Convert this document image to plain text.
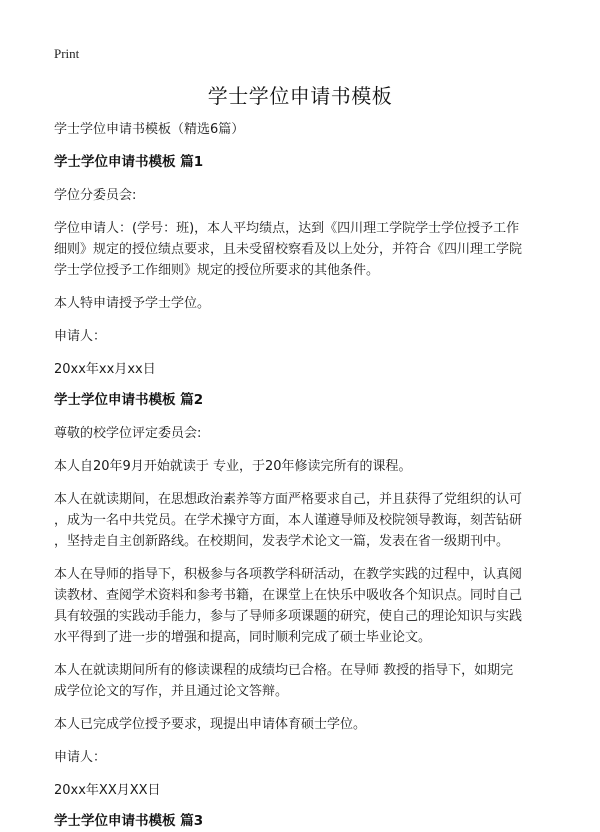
Print
学士学位申请书模板

学士学位申请书模板（精选6篇）

学士学位申请书模板 篇1

学位分委员会:

学位申请人：(学号：班)，本人平均绩点，达到《四川理工学院学士学位授予工作

细则》规定的授位绩点要求，且未受留校察看及以上处分，并符合《四川理工学院

学士学位授予工作细则》规定的授位所要求的其他条件。

本人特申请授予学士学位。

申请人：

20xx年xx月xx日

学士学位申请书模板 篇2

尊敬的校学位评定委员会:

本人自20年9月开始就读于 专业，于20年修读完所有的课程。

本人在就读期间，在思想政治素养等方面严格要求自己，并且获得了党组织的认可

，成为一名中共党员。在学术操守方面，本人谨遵导师及校院领导教诲，刻苦钻研

，坚持走自主创新路线。在校期间，发表学术论文一篇，发表在省一级期刊中。

本人在导师的指导下，积极参与各项教学科研活动，在教学实践的过程中，认真阅

读教材、查阅学术资料和参考书籍，在课堂上在快乐中吸收各个知识点。同时自己

具有较强的实践动手能力，参与了导师多项课题的研究，使自己的理论知识与实践

水平得到了进一步的增强和提高，同时顺利完成了硕士毕业论文。

本人在就读期间所有的修读课程的成绩均已合格。在导师 教授的指导下，如期完

成学位论文的写作，并且通过论文答辩。

本人已完成学位授予要求，现提出申请体育硕士学位。

申请人：

20xx年XX月XX日

学士学位申请书模板 篇3
